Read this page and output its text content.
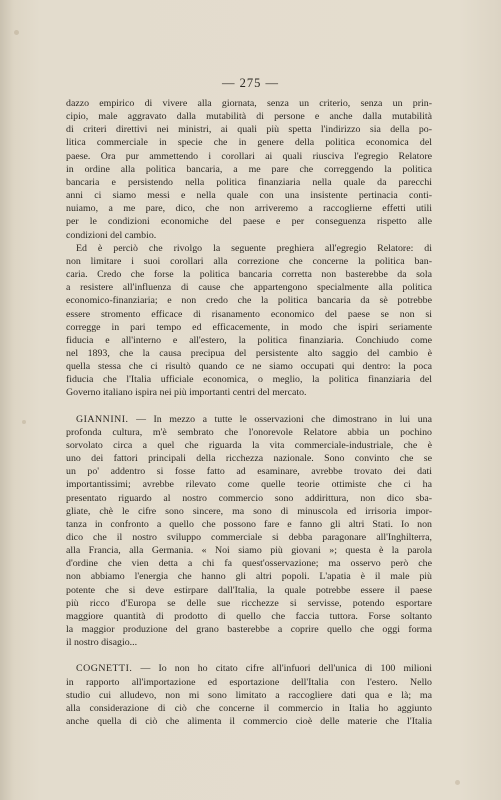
— 275 —

dazzo empirico di vivere alla giornata, senza un criterio, senza un prin-
cipio, male aggravato dalla mutabilità di persone e anche dalla mutabilità
di criteri direttivi nei ministri, ai quali più spetta l'indirizzo sia della po-
litica commerciale in specie che in genere della politica economica del
paese. Ora pur ammettendo i corollari ai quali riusciva l'egregio Relatore
in ordine alla politica bancaria, a me pare che correggendo la politica
bancaria e persistendo nella politica finanziaria nella quale da parecchi
anni ci siamo messi e nella quale con una insistente pertinacia conti-
nuiamo, a me pare, dico, che non arriveremo a raccoglierne effetti utili
per le condizioni economiche del paese e per conseguenza rispetto alle
condizioni del cambio.

Ed è perciò che rivolgo la seguente preghiera all'egregio Relatore: di
non limitare i suoi corollari alla correzione che concerne la politica ban-
caria. Credo che forse la politica bancaria corretta non basterebbe da sola
a resistere all'influenza di cause che appartengono specialmente alla politica
economico-finanziaria; e non credo che la politica bancaria da sè potrebbe
essere stromento efficace di risanamento economico del paese se non si
corregge in pari tempo ed efficacemente, in modo che ispiri seriamente
fiducia e all'interno e all'estero, la politica finanziaria. Conchiudo come
nel 1893, che la causa precipua del persistente alto saggio del cambio è
quella stessa che ci risultò quando ce ne siamo occupati qui dentro: la poca
fiducia che l'Italia ufficiale economica, o meglio, la politica finanziaria del
Governo italiano ispira nei più importanti centri del mercato.

GIANNINI. — In mezzo a tutte le osservazioni che dimostrano in lui una
profonda cultura, m'è sembrato che l'onorevole Relatore abbia un pochino
sorvolato circa a quel che riguarda la vita commerciale-industriale, che è
uno dei fattori principali della ricchezza nazionale. Sono convinto che se
un po' addentro si fosse fatto ad esaminare, avrebbe trovato dei dati
importantissimi; avrebbe rilevato come quelle teorie ottimiste che ci ha
presentato riguardo al nostro commercio sono addirittura, non dico sba-
gliate, chè le cifre sono sincere, ma sono di minuscola ed irrisoria impor-
tanza in confronto a quello che possono fare e fanno gli altri Stati. Io non
dico che il nostro sviluppo commerciale si debba paragonare all'Inghilterra,
alla Francia, alla Germania. « Noi siamo più giovani »; questa è la parola
d'ordine che vien detta a chi fa quest'osservazione; ma osservo però che
non abbiamo l'energia che hanno gli altri popoli. L'apatia è il male più
potente che si deve estirpare dall'Italia, la quale potrebbe essere il paese
più ricco d'Europa se delle sue ricchezze si servisse, potendo esportare
maggiore quantità di prodotto di quello che faccia tuttora. Forse soltanto
la maggior produzione del grano basterebbe a coprire quello che oggi forma
il nostro disagio...

COGNETTI. — Io non ho citato cifre all'infuori dell'unica di 100 milioni
in rapporto all'importazione ed esportazione dell'Italia con l'estero. Nello
studio cui alludevo, non mi sono limitato a raccogliere dati qua e là; ma
alla considerazione di ciò che concerne il commercio in Italia ho aggiunto
anche quella di ciò che alimenta il commercio cioè delle materie che l'Italia
